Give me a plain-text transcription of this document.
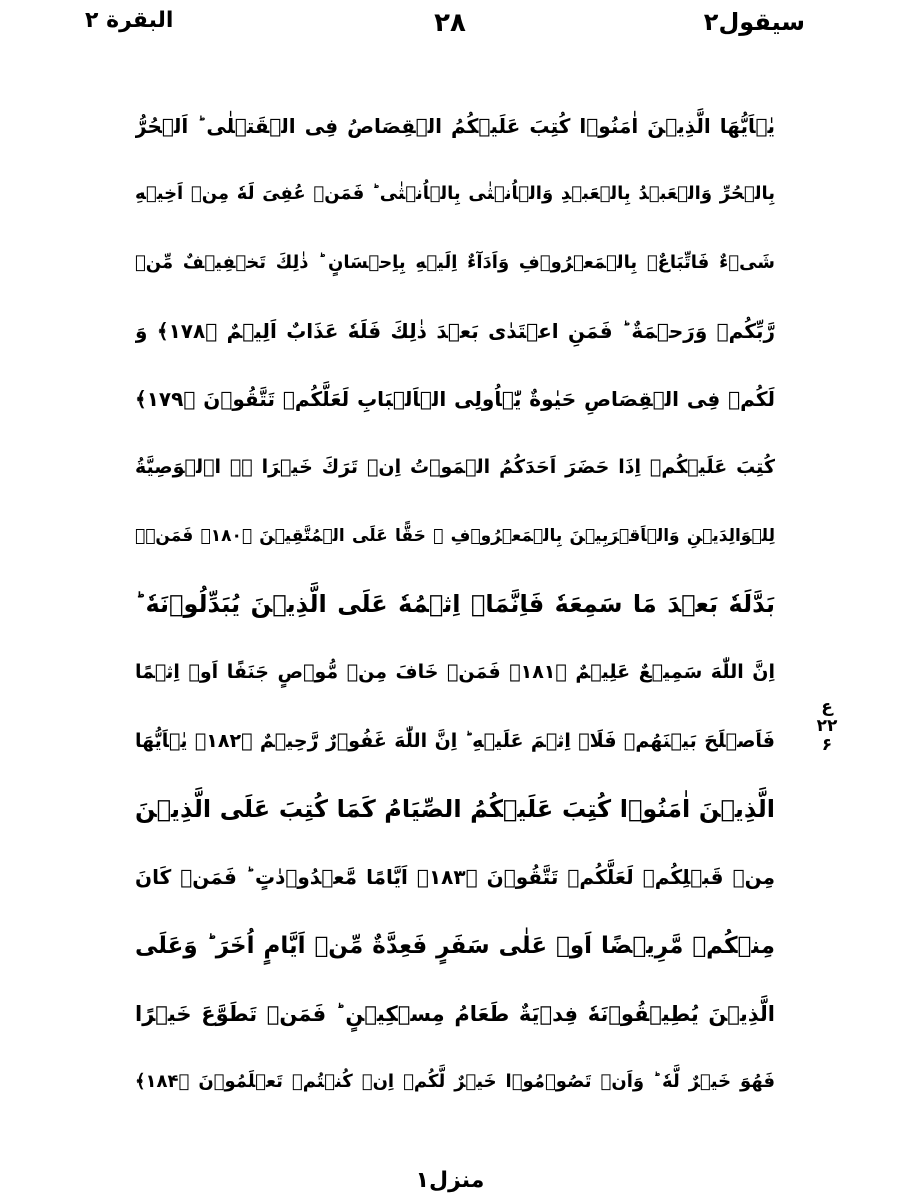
سیقول۲
۲۸
البقرة ۲
یٰۤاَیُّهَا الَّذِیۡنَ اٰمَنُوۡا كُتِبَ عَلَیۡكُمُ الۡقِصَاصُ فِی الۡقَتۡلٰی ؕ اَلۡحُرُّ
بِالۡحُرِّ وَالۡعَبۡدُ بِالۡعَبۡدِ وَالۡاُنۡثٰی بِالۡاُنۡثٰی ؕ فَمَنۡ عُفِیَ لَهٗ مِنۡ اَخِیۡهِ
شَیۡءٌ فَاتِّبَاعٌۢ بِالۡمَعۡرُوۡفِ وَاَدَآءٌ اِلَیۡهِ بِاِحۡسَانٍ ؕ ذٰلِكَ تَخۡفِیۡفٌ مِّنۡ
رَّبِّكُمۡ وَرَحۡمَةٌ ؕ فَمَنِ اعۡتَدٰی بَعۡدَ ذٰلِكَ فَلَهٗ عَذَابٌ اَلِیۡمٌ ﴿۱۷۸﴾ وَ
لَكُمۡ فِی الۡقِصَاصِ حَیٰوةٌ یّٰۤاُولِی الۡاَلۡبَابِ لَعَلَّكُمۡ تَتَّقُوۡنَ ﴿۱۷۹﴾
كُتِبَ عَلَیۡكُمۡ اِذَا حَضَرَ اَحَدَكُمُ الۡمَوۡتُ اِنۡ تَرَكَ خَیۡرَا ۖۚ اۨلۡوَصِیَّةُ
لِلۡوَالِدَیۡنِ وَالۡاَقۡرَبِیۡنَ بِالۡمَعۡرُوۡفِ ۚ حَقًّا عَلَی الۡمُتَّقِیۡنَ ﴿۱۸۰﴾ فَمَنۡۢ
بَدَّلَهٗ بَعۡدَ مَا سَمِعَهٗ فَاِنَّمَاۤ اِثۡمُهٗ عَلَی الَّذِیۡنَ یُبَدِّلُوۡنَهٗ ؕ
اِنَّ اللّٰهَ سَمِیۡعٌ عَلِیۡمٌ ﴿۱۸۱﴾ فَمَنۡ خَافَ مِنۡ مُّوۡصٍ جَنَفًا اَوۡ اِثۡمًا
فَاَصۡلَحَ بَیۡنَهُمۡ فَلَاۤ اِثۡمَ عَلَیۡهِ ؕ اِنَّ اللّٰهَ غَفُوۡرٌ رَّحِیۡمٌ ﴿۱۸۲﴾ یٰۤاَیُّهَا
الَّذِیۡنَ اٰمَنُوۡا كُتِبَ عَلَیۡكُمُ الصِّیَامُ كَمَا كُتِبَ عَلَی الَّذِیۡنَ
مِنۡ قَبۡلِكُمۡ لَعَلَّكُمۡ تَتَّقُوۡنَ ﴿۱۸۳﴾ اَیَّامًا مَّعۡدُوۡدٰتٍ ؕ فَمَنۡ كَانَ
مِنۡكُمۡ مَّرِیۡضًا اَوۡ عَلٰی سَفَرٍ فَعِدَّةٌ مِّنۡ اَیَّامٍ اُخَرَ ؕ وَعَلَی
الَّذِیۡنَ یُطِیۡقُوۡنَهٗ فِدۡیَةٌ طَعَامُ مِسۡكِیۡنٍ ؕ فَمَنۡ تَطَوَّعَ خَیۡرًا
فَهُوَ خَیۡرٌ لَّهٗ ؕ وَاَنۡ تَصُوۡمُوۡا خَیۡرٌ لَّكُمۡ اِنۡ كُنۡتُمۡ تَعۡلَمُوۡنَ ﴿۱۸۴﴾
ع
۲۲
۶
منزل۱
